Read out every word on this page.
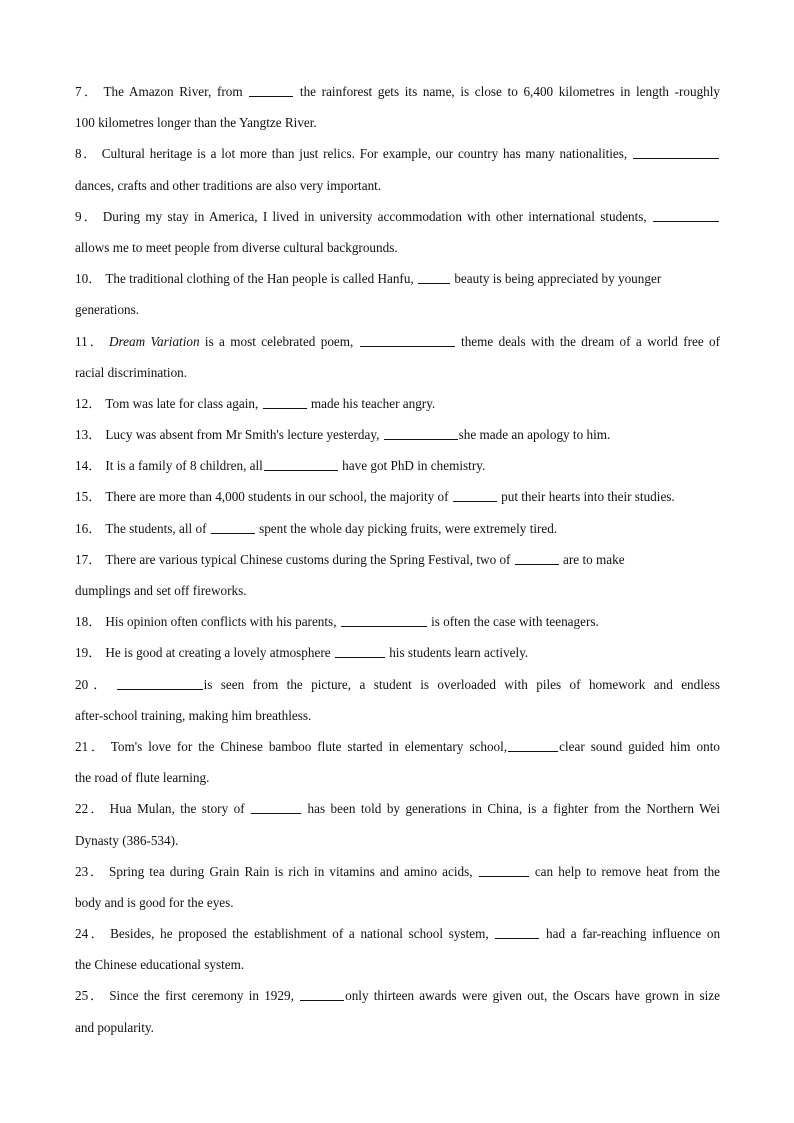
7． The Amazon River, from	the rainforest gets its name, is close to 6,400 kilometres in length -roughly
100 kilometres longer than the Yangtze River.
8． Cultural heritage is a lot more than just relics. For example, our country has many nationalities,
dances, crafts and other traditions are also very important.
9． During my stay in America, I lived in university accommodation with other international students,
allows me to meet people from diverse cultural backgrounds.
10． The traditional clothing of the Han people is called Hanfu,	beauty is being appreciated by younger
generations.
11． Dream Variation is a most celebrated poem,	theme deals with the dream of a world free of
racial discrimination.
12． Tom was late for class again,	made his teacher angry.
13． Lucy was absent from Mr Smith's lecture yesterday,	she made an apology to him.
14． It is a family of 8 children, all	have got PhD in chemistry.
15． There are more than 4,000 students in our school, the majority of	put their hearts into their studies.
16． The students, all of	spent the whole day picking fruits, were extremely tired.
17． There are various typical Chinese customs during the Spring Festival, two of	are to make
dumplings and set off fireworks.
18． His opinion often conflicts with his parents,	is often the case with teenagers.
19． He is good at creating a lovely atmosphere	his students learn actively.
20．	is seen from the picture, a student is overloaded with piles of homework and endless
after-school training, making him breathless.
21． Tom's love for the Chinese bamboo flute started in elementary school,	clear sound guided him onto
the road of flute learning.
22． Hua Mulan, the story of	has been told by generations in China, is a fighter from the Northern Wei
Dynasty (386-534).
23． Spring tea during Grain Rain is rich in vitamins and amino acids,	can help to remove heat from the
body and is good for the eyes.
24． Besides, he proposed the establishment of a national school system,	had a far-reaching influence on
the Chinese educational system.
25． Since the first ceremony in 1929,	only thirteen awards were given out, the Oscars have grown in size
and popularity.
